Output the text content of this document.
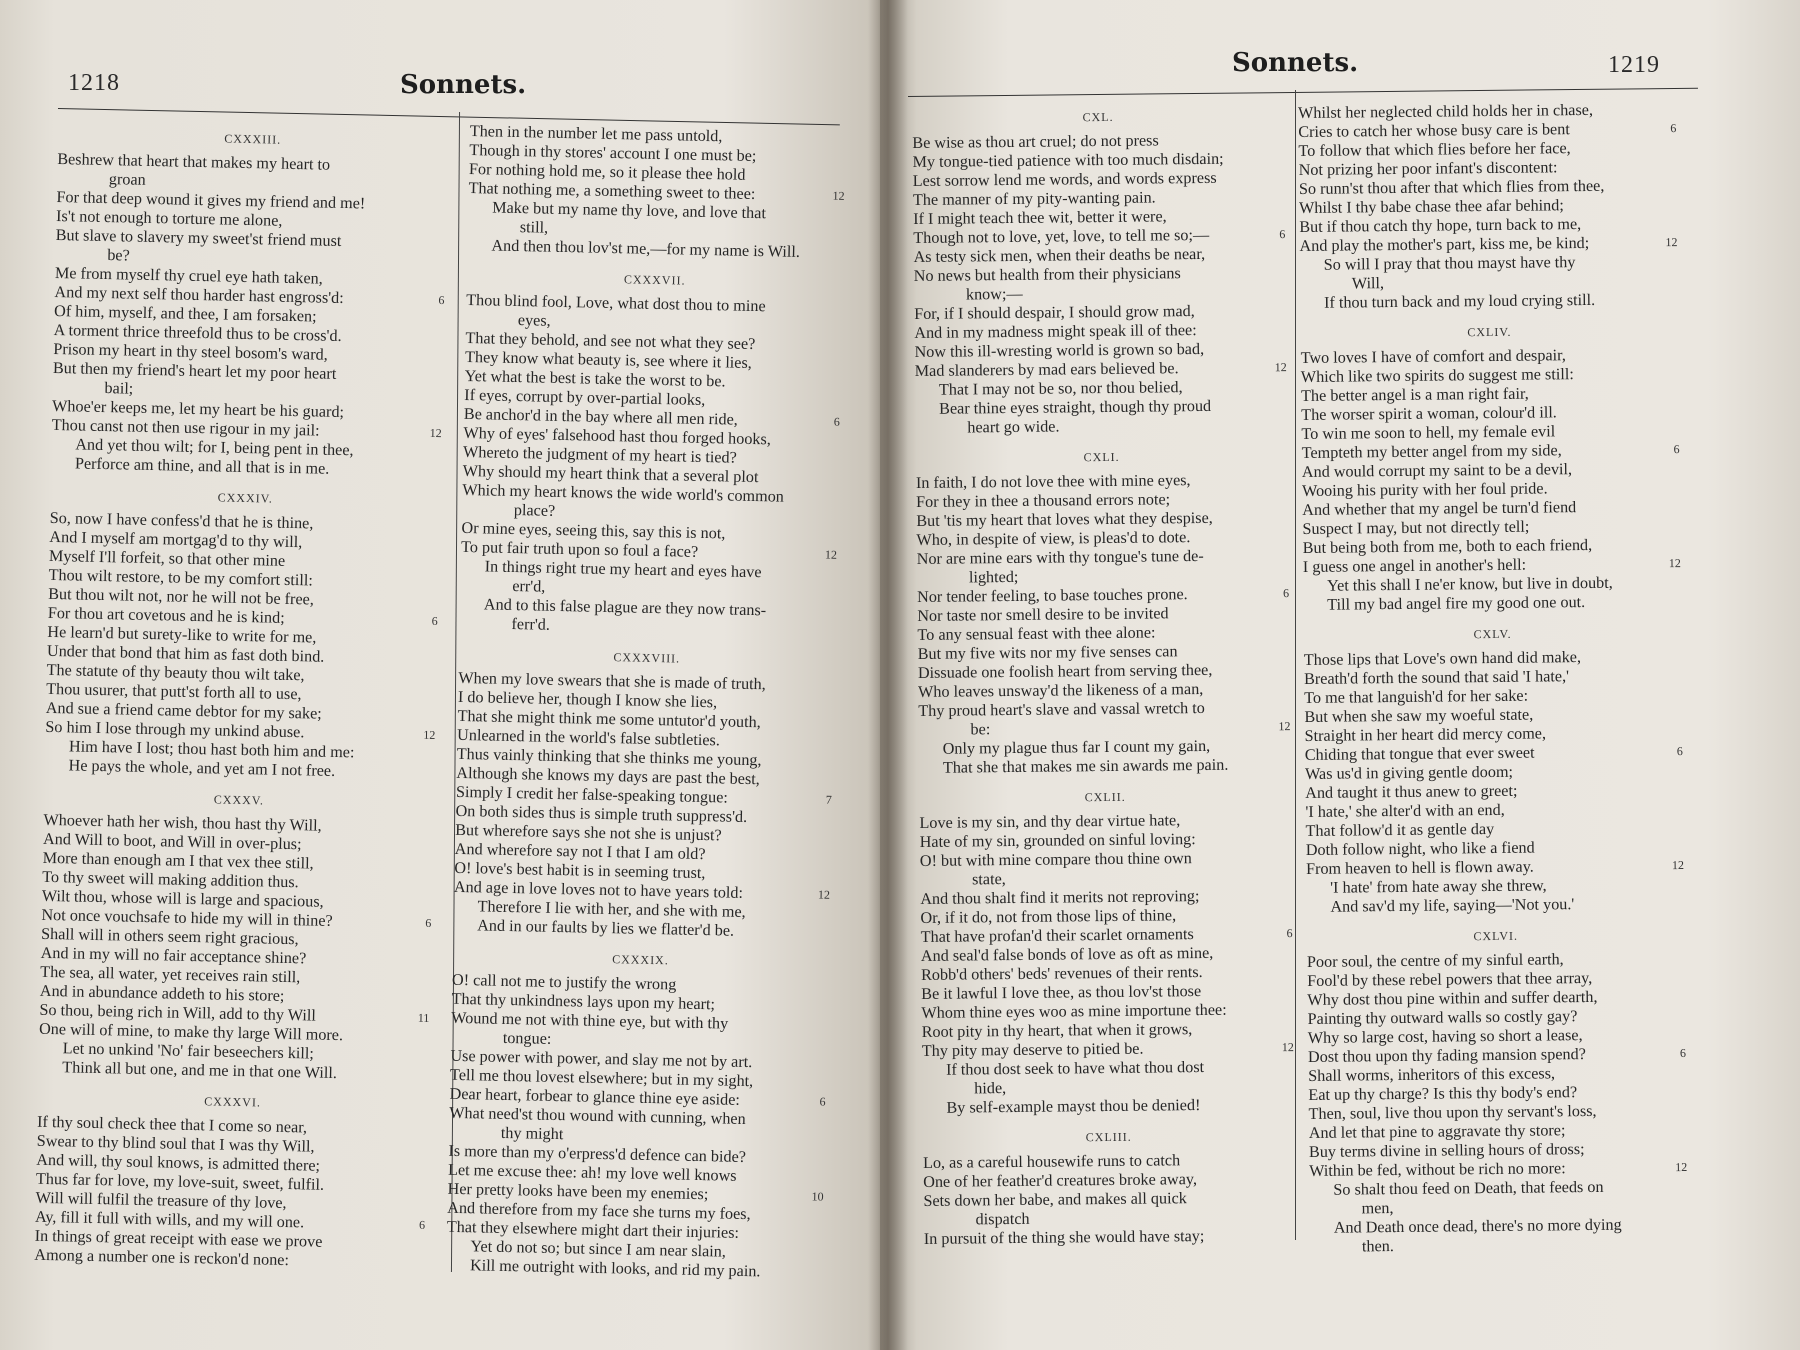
1218	Sonnets.
CXXXIII.
Beshrew that heart that makes my heart to
groan
For that deep wound it gives my friend and me!
Is't not enough to torture me alone,
But slave to slavery my sweet'st friend must
be?
Me from myself thy cruel eye hath taken,
And my next self thou harder hast engross'd:	6
Of him, myself, and thee, I am forsaken;
A torment thrice threefold thus to be cross'd.
Prison my heart in thy steel bosom's ward,
But then my friend's heart let my poor heart
bail;
Whoe'er keeps me, let my heart be his guard;
Thou canst not then use rigour in my jail:	12
And yet thou wilt; for I, being pent in thee,
Perforce am thine, and all that is in me.
CXXXIV.
So, now I have confess'd that he is thine,
And I myself am mortgag'd to thy will,
Myself I'll forfeit, so that other mine
Thou wilt restore, to be my comfort still:
But thou wilt not, nor he will not be free,
For thou art covetous and he is kind;	6
He learn'd but surety-like to write for me,
Under that bond that him as fast doth bind.
The statute of thy beauty thou wilt take,
Thou usurer, that putt'st forth all to use,
And sue a friend came debtor for my sake;
So him I lose through my unkind abuse.	12
Him have I lost; thou hast both him and me:
He pays the whole, and yet am I not free.
CXXXV.
Whoever hath her wish, thou hast thy Will,
And Will to boot, and Will in over-plus;
More than enough am I that vex thee still,
To thy sweet will making addition thus.
Wilt thou, whose will is large and spacious,
Not once vouchsafe to hide my will in thine?	6
Shall will in others seem right gracious,
And in my will no fair acceptance shine?
The sea, all water, yet receives rain still,
And in abundance addeth to his store;
So thou, being rich in Will, add to thy Will	11
One will of mine, to make thy large Will more.
Let no unkind 'No' fair beseechers kill;
Think all but one, and me in that one Will.
CXXXVI.
If thy soul check thee that I come so near,
Swear to thy blind soul that I was thy Will,
And will, thy soul knows, is admitted there;
Thus far for love, my love-suit, sweet, fulfil.
Will will fulfil the treasure of thy love,
Ay, fill it full with wills, and my will one.	6
In things of great receipt with ease we prove
Among a number one is reckon'd none:
Then in the number let me pass untold,
Though in thy stores' account I one must be;
For nothing hold me, so it please thee hold
That nothing me, a something sweet to thee:	12
Make but my name thy love, and love that
still,
And then thou lov'st me,—for my name is Will.
CXXXVII.
Thou blind fool, Love, what dost thou to mine
eyes,
That they behold, and see not what they see?
They know what beauty is, see where it lies,
Yet what the best is take the worst to be.
If eyes, corrupt by over-partial looks,
Be anchor'd in the bay where all men ride,	6
Why of eyes' falsehood hast thou forged hooks,
Whereto the judgment of my heart is tied?
Why should my heart think that a several plot
Which my heart knows the wide world's common
place?
Or mine eyes, seeing this, say this is not,
To put fair truth upon so foul a face?	12
In things right true my heart and eyes have
err'd,
And to this false plague are they now trans-
ferr'd.
CXXXVIII.
When my love swears that she is made of truth,
I do believe her, though I know she lies,
That she might think me some untutor'd youth,
Unlearned in the world's false subtleties.
Thus vainly thinking that she thinks me young,
Although she knows my days are past the best,
Simply I credit her false-speaking tongue:	7
On both sides thus is simple truth suppress'd.
But wherefore says she not she is unjust?
And wherefore say not I that I am old?
O! love's best habit is in seeming trust,
And age in love loves not to have years told:	12
Therefore I lie with her, and she with me,
And in our faults by lies we flatter'd be.
CXXXIX.
O! call not me to justify the wrong
That thy unkindness lays upon my heart;
Wound me not with thine eye, but with thy
tongue:
Use power with power, and slay me not by art.
Tell me thou lovest elsewhere; but in my sight,
Dear heart, forbear to glance thine eye aside:	6
What need'st thou wound with cunning, when
thy might
Is more than my o'erpress'd defence can bide?
Let me excuse thee: ah! my love well knows
Her pretty looks have been my enemies;	10
And therefore from my face she turns my foes,
That they elsewhere might dart their injuries:
Yet do not so; but since I am near slain,
Kill me outright with looks, and rid my pain.
Sonnets.	1219
CXL.
Be wise as thou art cruel; do not press
My tongue-tied patience with too much disdain;
Lest sorrow lend me words, and words express
The manner of my pity-wanting pain.
If I might teach thee wit, better it were,
Though not to love, yet, love, to tell me so;—	6
As testy sick men, when their deaths be near,
No news but health from their physicians
know;—
For, if I should despair, I should grow mad,
And in my madness might speak ill of thee:
Now this ill-wresting world is grown so bad,
Mad slanderers by mad ears believed be.	12
That I may not be so, nor thou belied,
Bear thine eyes straight, though thy proud
heart go wide.
CXLI.
In faith, I do not love thee with mine eyes,
For they in thee a thousand errors note;
But 'tis my heart that loves what they despise,
Who, in despite of view, is pleas'd to dote.
Nor are mine ears with thy tongue's tune de-
lighted;
Nor tender feeling, to base touches prone.	6
Nor taste nor smell desire to be invited
To any sensual feast with thee alone:
But my five wits nor my five senses can
Dissuade one foolish heart from serving thee,
Who leaves unsway'd the likeness of a man,
Thy proud heart's slave and vassal wretch to
be:	12
Only my plague thus far I count my gain,
That she that makes me sin awards me pain.
CXLII.
Love is my sin, and thy dear virtue hate,
Hate of my sin, grounded on sinful loving:
O! but with mine compare thou thine own
state,
And thou shalt find it merits not reproving;
Or, if it do, not from those lips of thine,
That have profan'd their scarlet ornaments	6
And seal'd false bonds of love as oft as mine,
Robb'd others' beds' revenues of their rents.
Be it lawful I love thee, as thou lov'st those
Whom thine eyes woo as mine importune thee:
Root pity in thy heart, that when it grows,
Thy pity may deserve to pitied be.	12
If thou dost seek to have what thou dost
hide,
By self-example mayst thou be denied!
CXLIII.
Lo, as a careful housewife runs to catch
One of her feather'd creatures broke away,
Sets down her babe, and makes all quick
dispatch
In pursuit of the thing she would have stay;
Whilst her neglected child holds her in chase,
Cries to catch her whose busy care is bent	6
To follow that which flies before her face,
Not prizing her poor infant's discontent:
So runn'st thou after that which flies from thee,
Whilst I thy babe chase thee afar behind;
But if thou catch thy hope, turn back to me,
And play the mother's part, kiss me, be kind;	12
So will I pray that thou mayst have thy
Will,
If thou turn back and my loud crying still.
CXLIV.
Two loves I have of comfort and despair,
Which like two spirits do suggest me still:
The better angel is a man right fair,
The worser spirit a woman, colour'd ill.
To win me soon to hell, my female evil
Tempteth my better angel from my side,	6
And would corrupt my saint to be a devil,
Wooing his purity with her foul pride.
And whether that my angel be turn'd fiend
Suspect I may, but not directly tell;
But being both from me, both to each friend,
I guess one angel in another's hell:	12
Yet this shall I ne'er know, but live in doubt,
Till my bad angel fire my good one out.
CXLV.
Those lips that Love's own hand did make,
Breath'd forth the sound that said 'I hate,'
To me that languish'd for her sake:
But when she saw my woeful state,
Straight in her heart did mercy come,
Chiding that tongue that ever sweet	6
Was us'd in giving gentle doom;
And taught it thus anew to greet;
'I hate,' she alter'd with an end,
That follow'd it as gentle day
Doth follow night, who like a fiend
From heaven to hell is flown away.	12
'I hate' from hate away she threw,
And sav'd my life, saying—'Not you.'
CXLVI.
Poor soul, the centre of my sinful earth,
Fool'd by these rebel powers that thee array,
Why dost thou pine within and suffer dearth,
Painting thy outward walls so costly gay?
Why so large cost, having so short a lease,
Dost thou upon thy fading mansion spend?	6
Shall worms, inheritors of this excess,
Eat up thy charge? Is this thy body's end?
Then, soul, live thou upon thy servant's loss,
And let that pine to aggravate thy store;
Buy terms divine in selling hours of dross;
Within be fed, without be rich no more:	12
So shalt thou feed on Death, that feeds on
men,
And Death once dead, there's no more dying
then.
